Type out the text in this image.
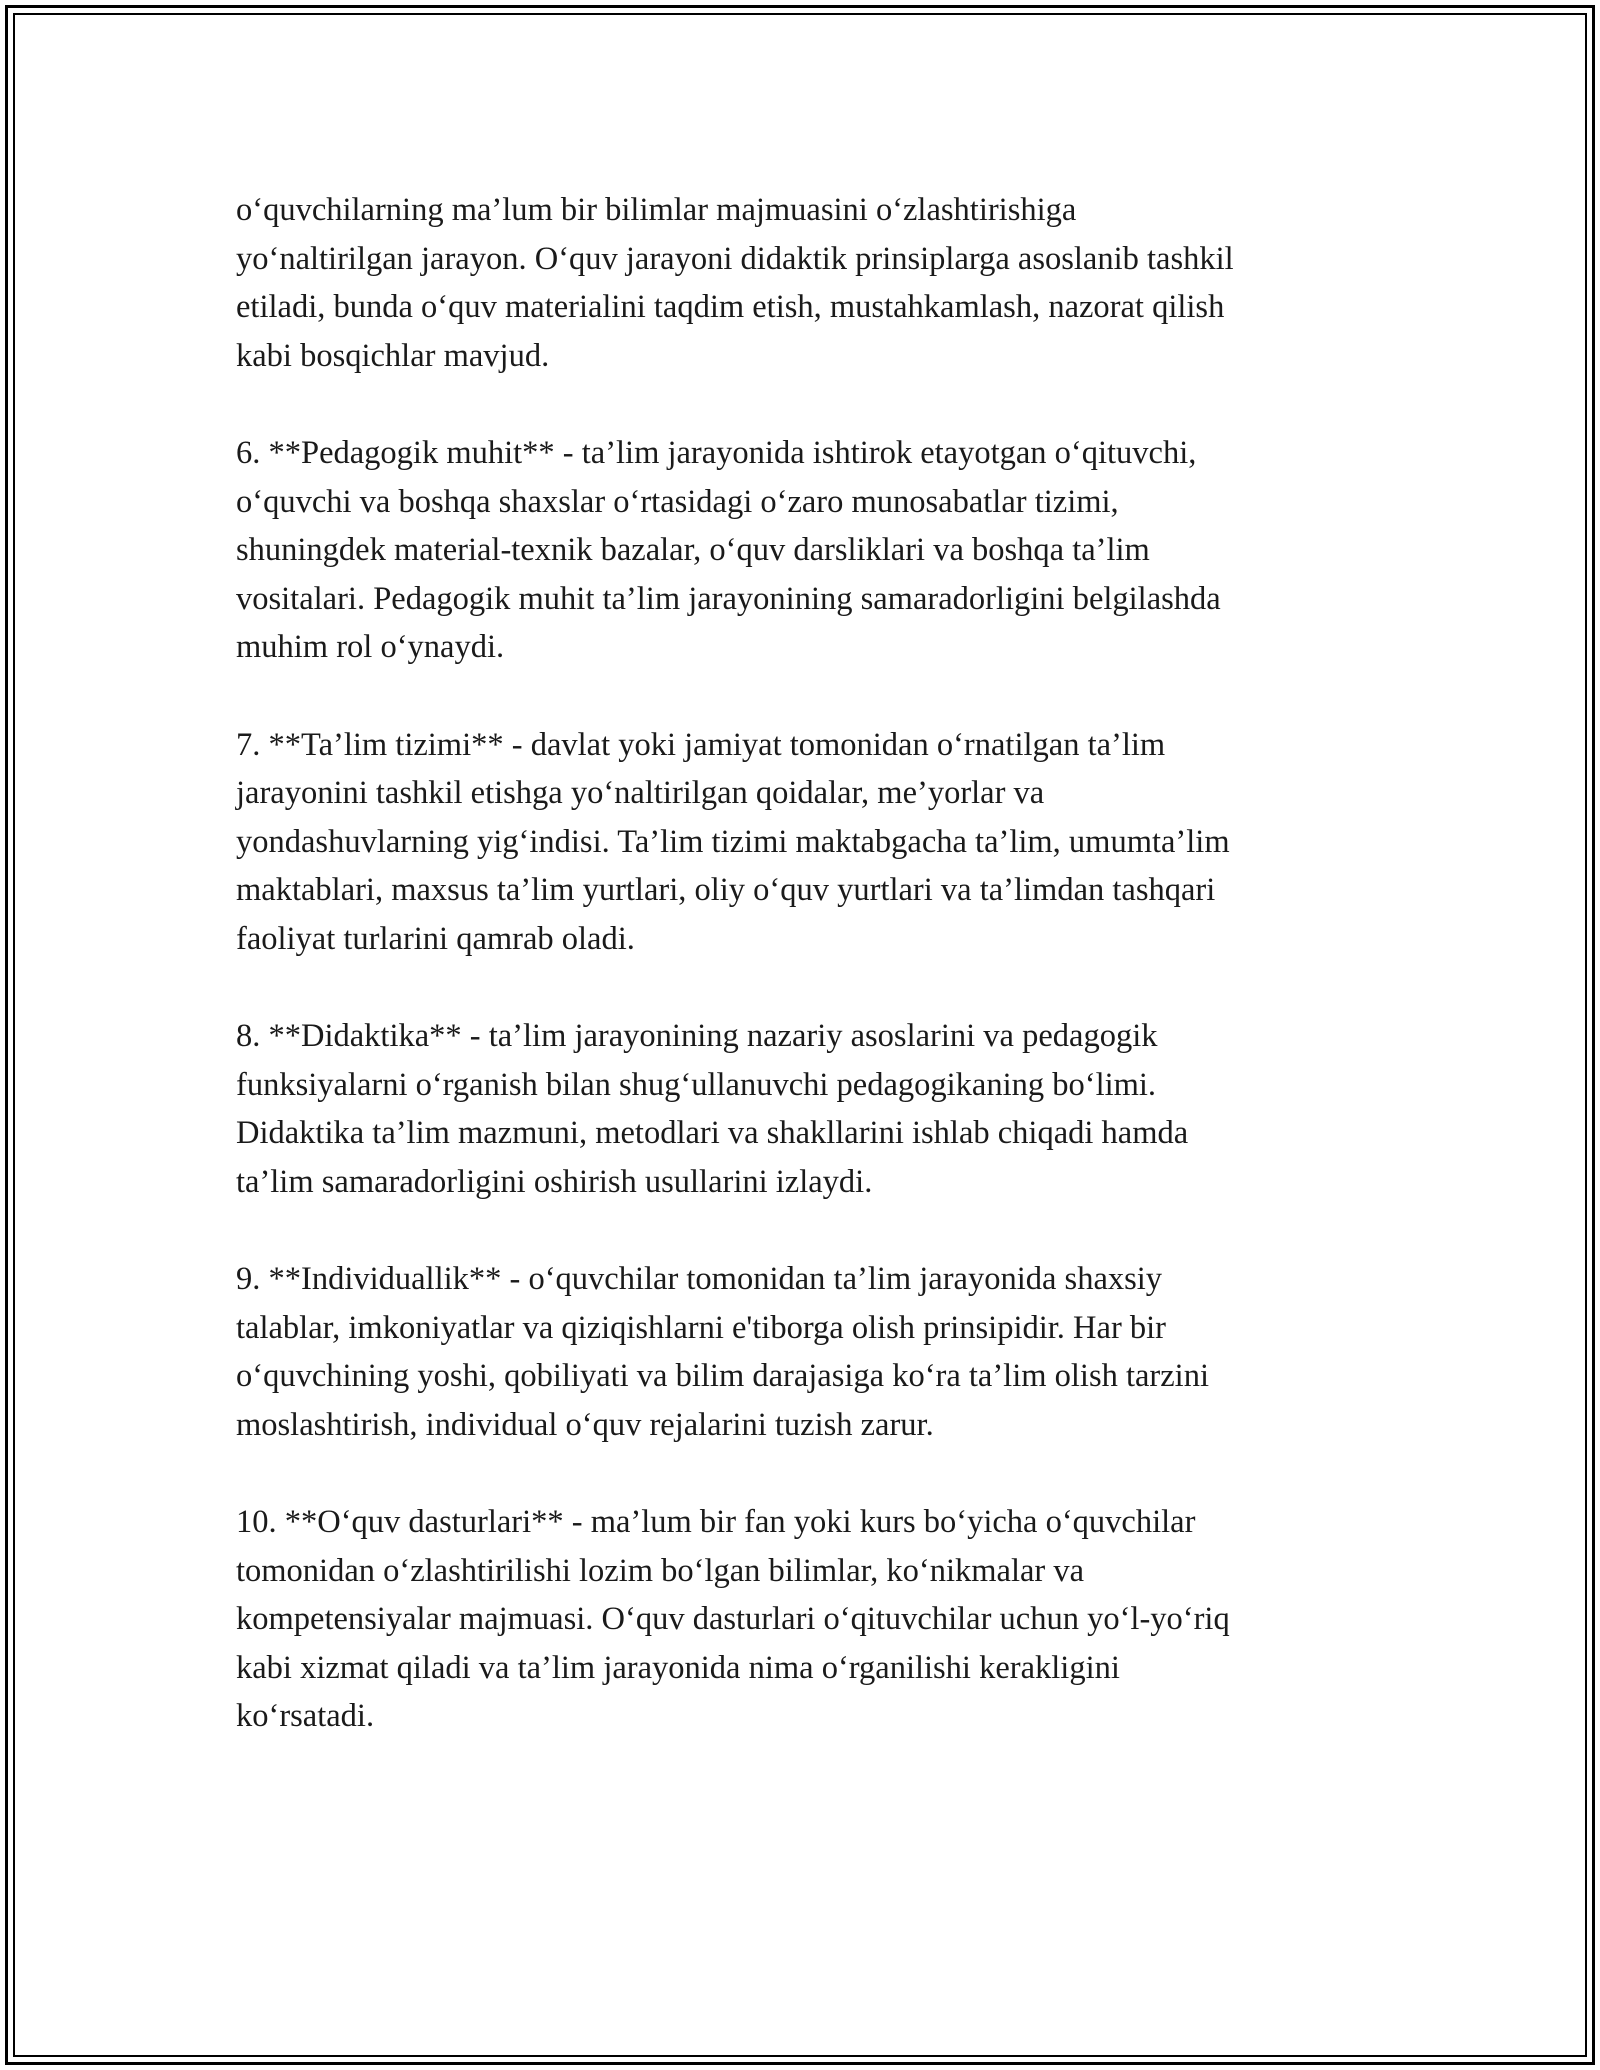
o‘quvchilarning ma’lum bir bilimlar majmuasini o‘zlashtirishiga
yo‘naltirilgan jarayon. O‘quv jarayoni didaktik prinsiplarga asoslanib tashkil
etiladi, bunda o‘quv materialini taqdim etish, mustahkamlash, nazorat qilish
kabi bosqichlar mavjud.

6. **Pedagogik muhit** - ta’lim jarayonida ishtirok etayotgan o‘qituvchi,
o‘quvchi va boshqa shaxslar o‘rtasidagi o‘zaro munosabatlar tizimi,
shuningdek material-texnik bazalar, o‘quv darsliklari va boshqa ta’lim
vositalari. Pedagogik muhit ta’lim jarayonining samaradorligini belgilashda
muhim rol o‘ynaydi.

7. **Ta’lim tizimi** - davlat yoki jamiyat tomonidan o‘rnatilgan ta’lim
jarayonini tashkil etishga yo‘naltirilgan qoidalar, me’yorlar va
yondashuvlarning yig‘indisi. Ta’lim tizimi maktabgacha ta’lim, umumta’lim
maktablari, maxsus ta’lim yurtlari, oliy o‘quv yurtlari va ta’limdan tashqari
faoliyat turlarini qamrab oladi.

8. **Didaktika** - ta’lim jarayonining nazariy asoslarini va pedagogik
funksiyalarni o‘rganish bilan shug‘ullanuvchi pedagogikaning bo‘limi.
Didaktika ta’lim mazmuni, metodlari va shakllarini ishlab chiqadi hamda
ta’lim samaradorligini oshirish usullarini izlaydi.

9. **Individuallik** - o‘quvchilar tomonidan ta’lim jarayonida shaxsiy
talablar, imkoniyatlar va qiziqishlarni e'tiborga olish prinsipidir. Har bir
o‘quvchining yoshi, qobiliyati va bilim darajasiga ko‘ra ta’lim olish tarzini
moslashtirish, individual o‘quv rejalarini tuzish zarur.

10. **O‘quv dasturlari** - ma’lum bir fan yoki kurs bo‘yicha o‘quvchilar
tomonidan o‘zlashtirilishi lozim bo‘lgan bilimlar, ko‘nikmalar va
kompetensiyalar majmuasi. O‘quv dasturlari o‘qituvchilar uchun yo‘l-yo‘riq
kabi xizmat qiladi va ta’lim jarayonida nima o‘rganilishi kerakligini
ko‘rsatadi.
